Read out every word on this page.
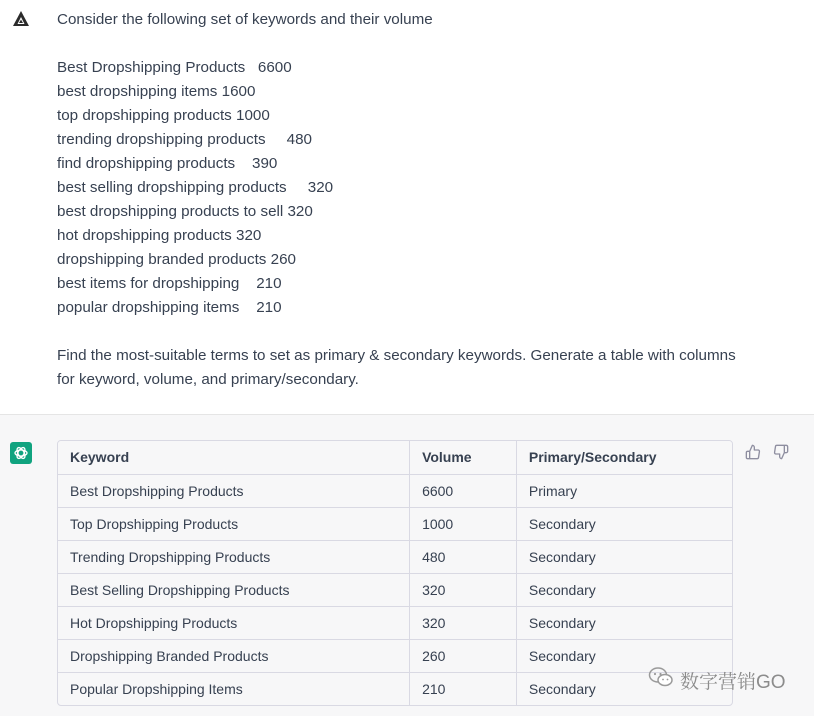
Consider the following set of keywords and their volume

Best Dropshipping Products   6600

best dropshipping items 1600

top dropshipping products 1000

trending dropshipping products     480

find dropshipping products    390

best selling dropshipping products     320

best dropshipping products to sell 320

hot dropshipping products 320

dropshipping branded products 260

best items for dropshipping    210

popular dropshipping items    210

Find the most-suitable terms to set as primary & secondary keywords. Generate a table with columns for keyword, volume, and primary/secondary.

Keyword	Volume	Primary/Secondary
Best Dropshipping Products	6600	Primary
Top Dropshipping Products	1000	Secondary
Trending Dropshipping Products	480	Secondary
Best Selling Dropshipping Products	320	Secondary
Hot Dropshipping Products	320	Secondary
Dropshipping Branded Products	260	Secondary
Popular Dropshipping Items	210	Secondary	数字营销GO
